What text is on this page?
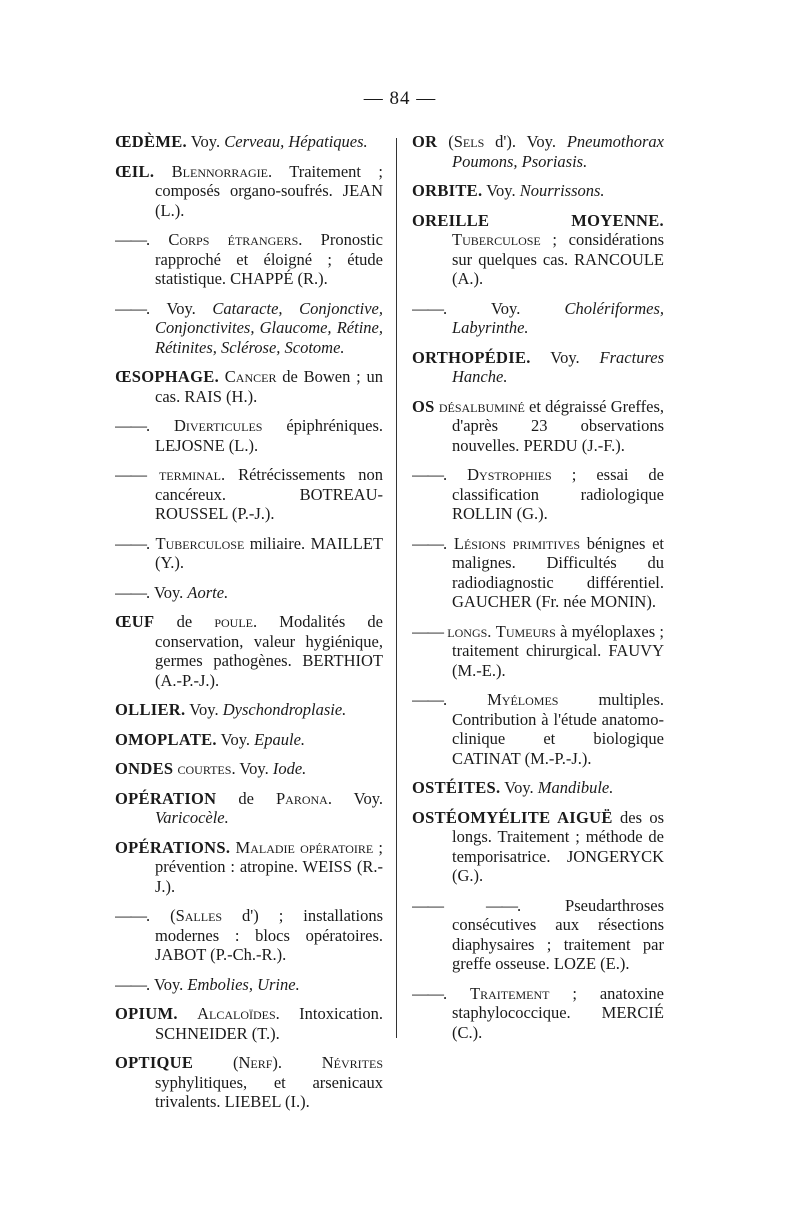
— 84 —
ŒDÈME. Voy. Cerveau, Hépatiques.
ŒIL. Blennorragie. Traitement ; composés organo-soufrés. JEAN (L.).
——. Corps étrangers. Pronostic rapproché et éloigné ; étude statistique. CHAPPÉ (R.).
——. Voy. Cataracte, Conjonctive, Conjonctivites, Glaucome, Rétine, Rétinites, Sclérose, Scotome.
ŒSOPHAGE. Cancer de Bowen ; un cas. RAIS (H.).
——. Diverticules épiphréniques. LEJOSNE (L.).
—— terminal. Rétrécissements non cancéreux. BOTREAU-ROUSSEL (P.-J.).
——. Tuberculose miliaire. MAILLET (Y.).
——. Voy. Aorte.
ŒUF de poule. Modalités de conservation, valeur hygiénique, germes pathogènes. BERTHIOT (A.-P.-J.).
OLLIER. Voy. Dyschondroplasie.
OMOPLATE. Voy. Epaule.
ONDES courtes. Voy. Iode.
OPÉRATION de Parona. Voy. Varicocèle.
OPÉRATIONS. Maladie opératoire ; prévention : atropine. WEISS (R.-J.).
——. (Salles d') ; installations modernes : blocs opératoires. JABOT (P.-Ch.-R.).
——. Voy. Embolies, Urine.
OPIUM. Alcaloïdes. Intoxication. SCHNEIDER (T.).
OPTIQUE (Nerf). Névrites syphylitiques, et arsenicaux trivalents. LIEBEL (I.).
OR (Sels d'). Voy. Pneumothorax Poumons, Psoriasis.
ORBITE. Voy. Nourrissons.
OREILLE MOYENNE. Tuberculose ; considérations sur quelques cas. RANCOULE (A.).
——. Voy. Cholériformes, Labyrinthe.
ORTHOPÉDIE. Voy. Fractures Hanche.
OS désalbuminé et dégraissé Greffes, d'après 23 observations nouvelles. PERDU (J.-F.).
——. Dystrophies ; essai de classification radiologique ROLLIN (G.).
——. Lésions primitives bénignes et malignes. Difficultés du radiodiagnostic différentiel. GAUCHER (Fr. née MONIN).
—— longs. Tumeurs à myéloplaxes ; traitement chirurgical. FAUVY (M.-E.).
——. Myélomes multiples. Contribution à l'étude anatomo-clinique et biologique CATINAT (M.-P.-J.).
OSTÉITES. Voy. Mandibule.
OSTÉOMYÉLITE AIGUË des os longs. Traitement ; méthode de temporisatrice. JONGERYCK (G.).
—— ——. Pseudarthroses consécutives aux résections diaphysaires ; traitement par greffe osseuse. LOZE (E.).
——. Traitement ; anatoxine staphylococcique. MERCIÉ (C.).
